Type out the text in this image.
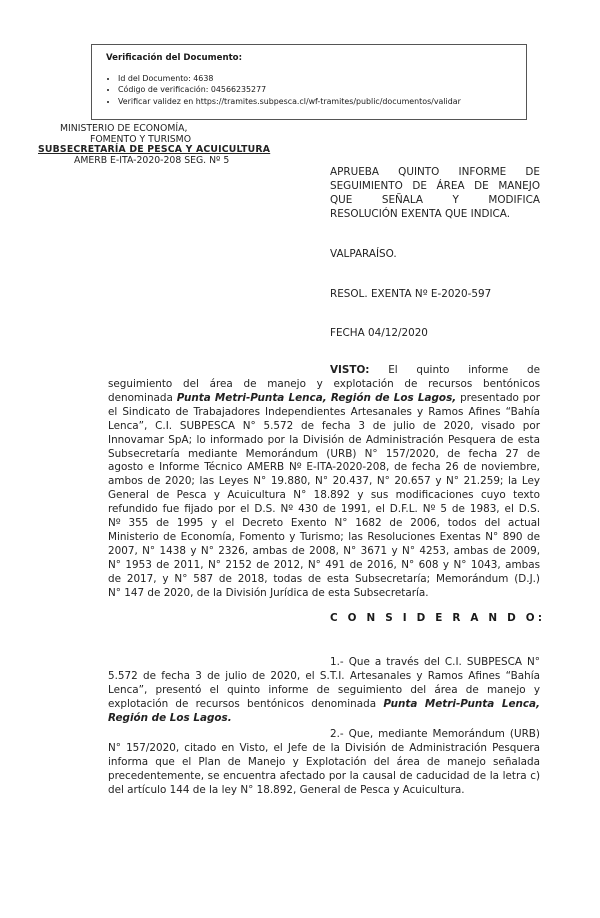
Verificación del Documento:
• Id del Documento: 4638
• Código de verificación: 04566235277
• Verificar validez en https://tramites.subpesca.cl/wf-tramites/public/documentos/validar
MINISTERIO DE ECONOMÍA,
FOMENTO Y TURISMO
SUBSECRETARÍA DE PESCA Y ACUICULTURA
AMERB E-ITA-2020-208 SEG. Nº 5
APRUEBA QUINTO INFORME DE
SEGUIMIENTO DE ÁREA DE MANEJO
QUE SEÑALA Y MODIFICA
RESOLUCIÓN EXENTA QUE INDICA.
VALPARAÍSO.
RESOL. EXENTA Nº E-2020-597
FECHA 04/12/2020
VISTO: El quinto informe de
seguimiento del área de manejo y explotación de recursos bentónicos
denominada Punta Metri-Punta Lenca, Región de Los Lagos, presentado por
el Sindicato de Trabajadores Independientes Artesanales y Ramos Afines “Bahía
Lenca”, C.I. SUBPESCA N° 5.572 de fecha 3 de julio de 2020, visado por
Innovamar SpA; lo informado por la División de Administración Pesquera de esta
Subsecretaría mediante Memorándum (URB) N° 157/2020, de fecha 27 de
agosto e Informe Técnico AMERB Nº E-ITA-2020-208, de fecha 26 de noviembre,
ambos de 2020; las Leyes N° 19.880, N° 20.437, N° 20.657 y N° 21.259; la Ley
General de Pesca y Acuicultura N° 18.892 y sus modificaciones cuyo texto
refundido fue fijado por el D.S. Nº 430 de 1991, el D.F.L. Nº 5 de 1983, el D.S.
Nº 355 de 1995 y el Decreto Exento N° 1682 de 2006, todos del actual
Ministerio de Economía, Fomento y Turismo; las Resoluciones Exentas N° 890 de
2007, N° 1438 y N° 2326, ambas de 2008, N° 3671 y N° 4253, ambas de 2009,
N° 1953 de 2011, N° 2152 de 2012, N° 491 de 2016, N° 608 y N° 1043, ambas
de 2017, y N° 587 de 2018, todas de esta Subsecretaría; Memorándum (D.J.)
N° 147 de 2020, de la División Jurídica de esta Subsecretaría.
C O N S I D E R A N D O:
1.- Que a través del C.I. SUBPESCA N°
5.572 de fecha 3 de julio de 2020, el S.T.I. Artesanales y Ramos Afines “Bahía
Lenca”, presentó el quinto informe de seguimiento del área de manejo y
explotación de recursos bentónicos denominada Punta Metri-Punta Lenca,
Región de Los Lagos.
2.- Que, mediante Memorándum (URB)
N° 157/2020, citado en Visto, el Jefe de la División de Administración Pesquera
informa que el Plan de Manejo y Explotación del área de manejo señalada
precedentemente, se encuentra afectado por la causal de caducidad de la letra c)
del artículo 144 de la ley N° 18.892, General de Pesca y Acuicultura.
